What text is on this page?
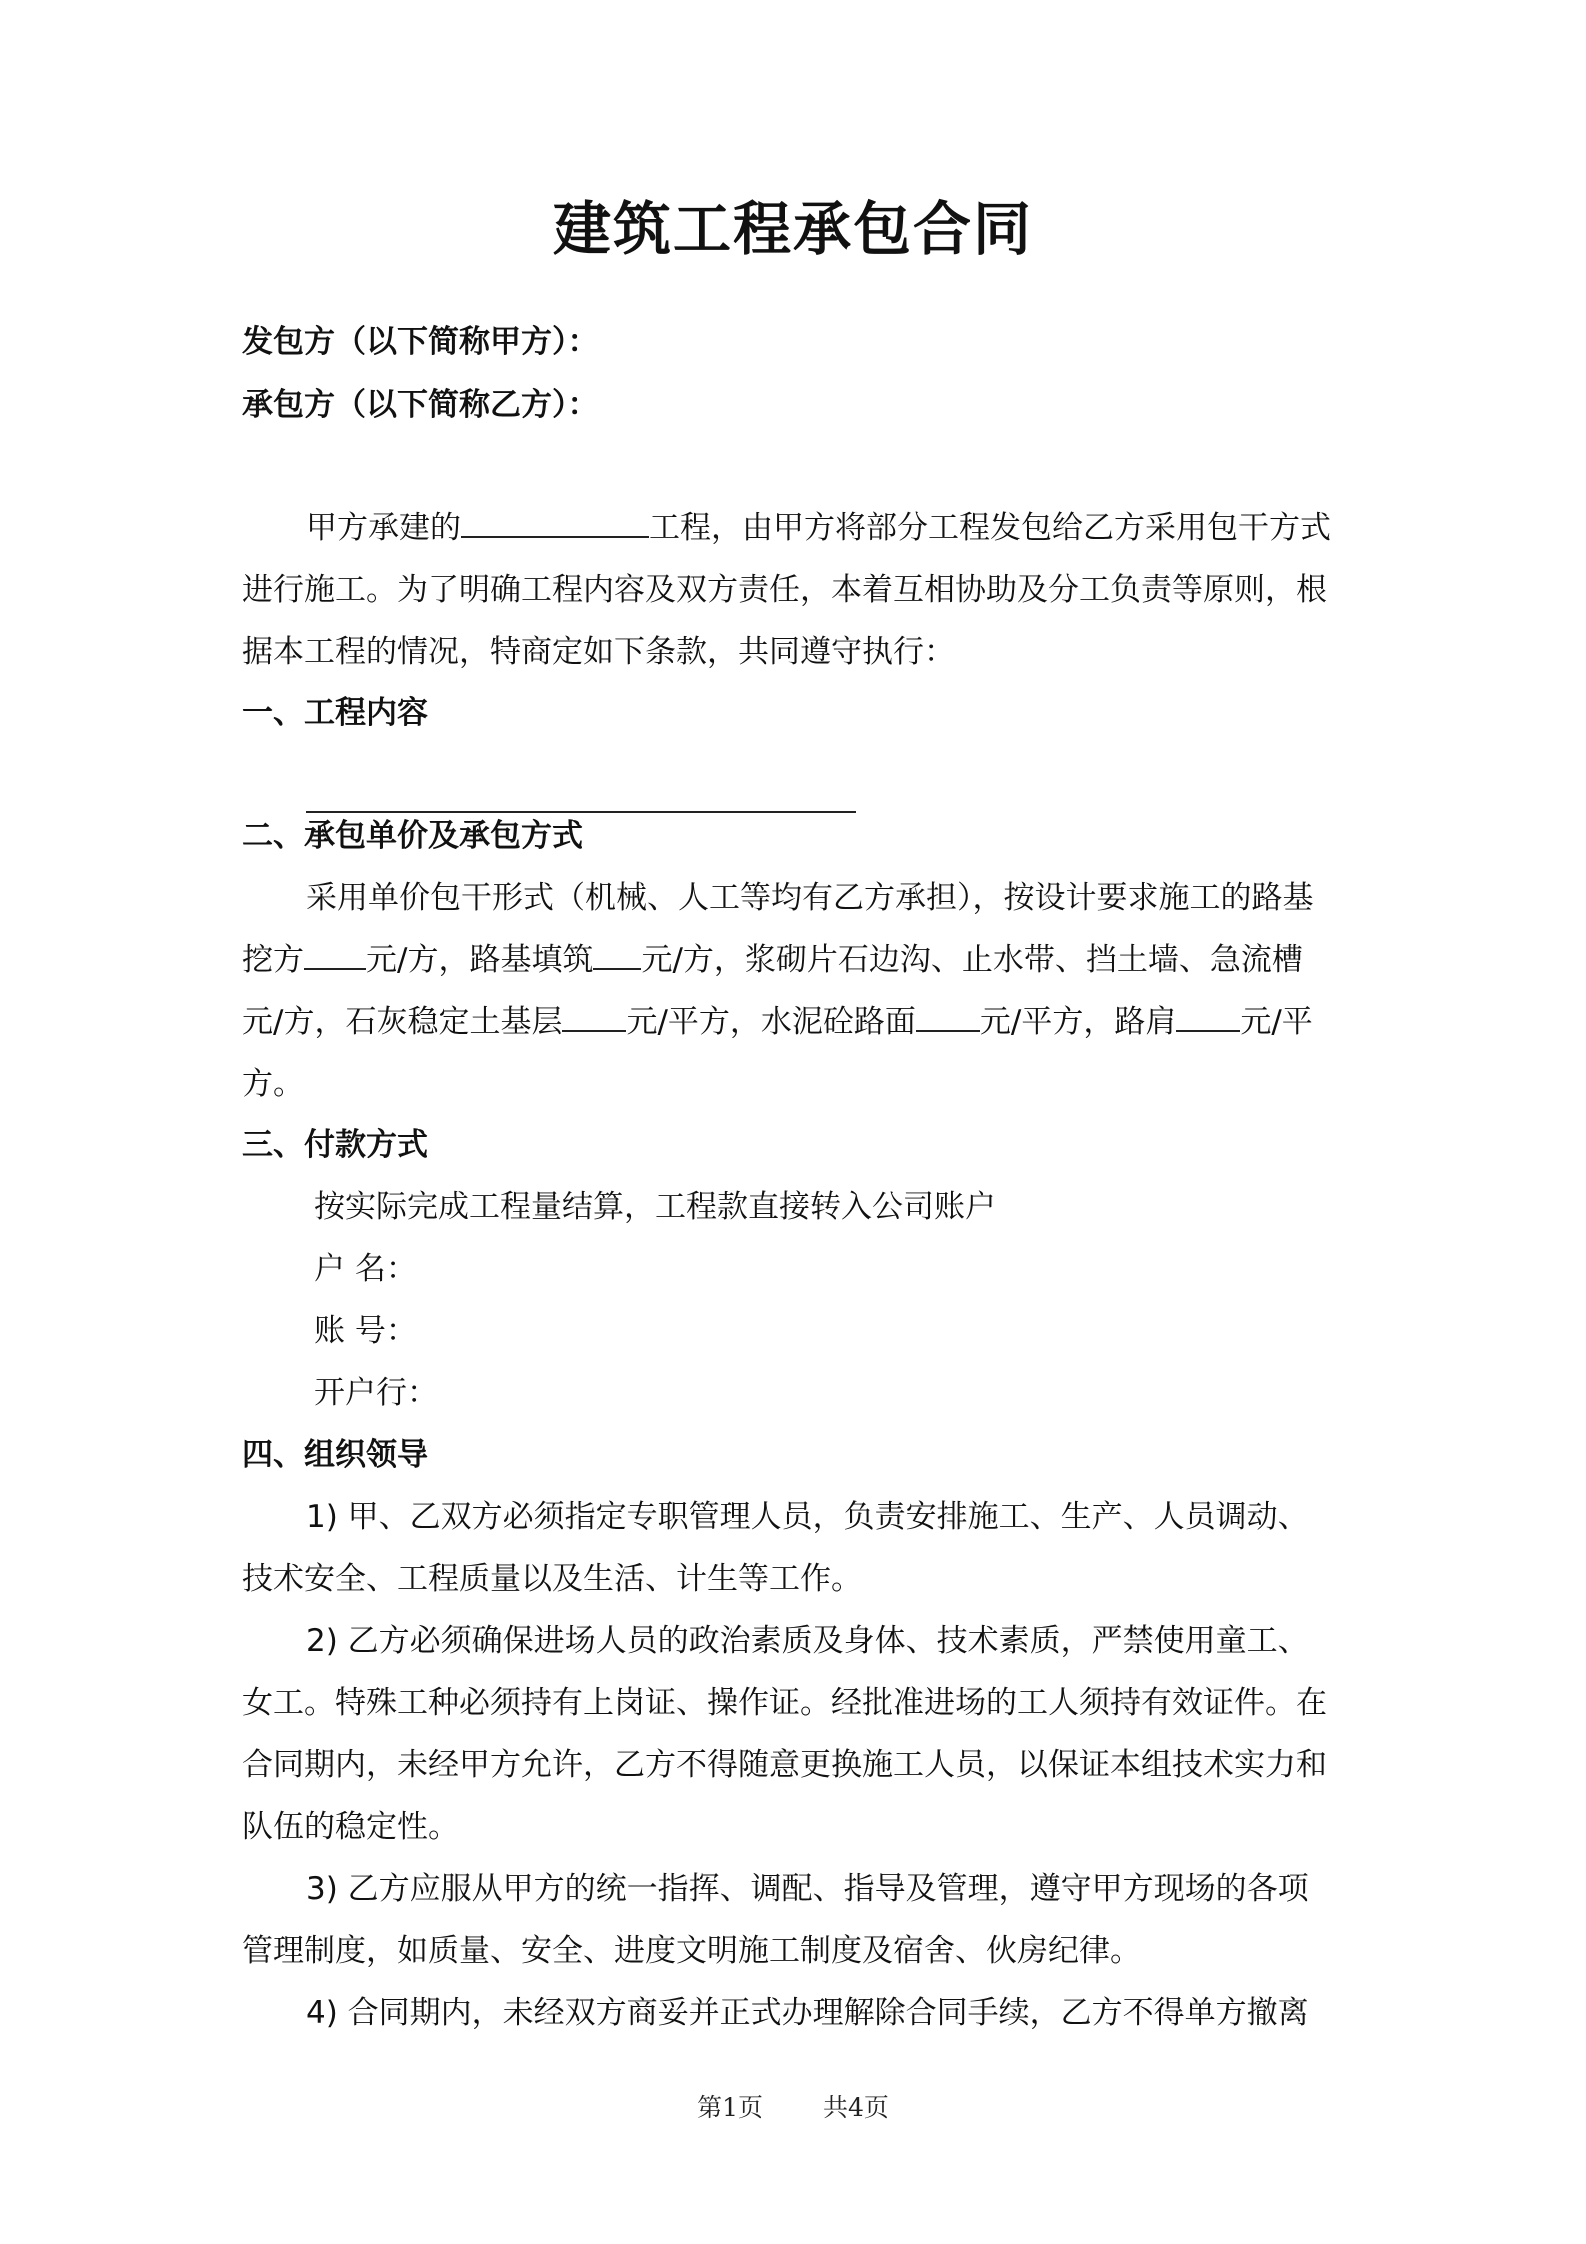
建筑工程承包合同
发包方（以下简称甲方）：
承包方（以下简称乙方）：
甲方承建的	工程，由甲方将部分工程发包给乙方采用包干方式
进行施工。为了明确工程内容及双方责任，本着互相协助及分工负责等原则，根
据本工程的情况，特商定如下条款，共同遵守执行：
一、工程内容
二、承包单价及承包方式
采用单价包干形式（机械、人工等均有乙方承担），按设计要求施工的路基
挖方 元/方，路基填筑 元/方，浆砌片石边沟、止水带、挡土墙、急流槽
元/方，石灰稳定土基层 元/平方，水泥砼路面 元/平方，路肩 元/平
方。
三、付款方式
按实际完成工程量结算，工程款直接转入公司账户
户 名：
账 号：
开户行：
四、组织领导
1) 甲、乙双方必须指定专职管理人员，负责安排施工、生产、人员调动、
技术安全、工程质量以及生活、计生等工作。
2) 乙方必须确保进场人员的政治素质及身体、技术素质，严禁使用童工、
女工。特殊工种必须持有上岗证、操作证。经批准进场的工人须持有效证件。在
合同期内，未经甲方允许，乙方不得随意更换施工人员，以保证本组技术实力和
队伍的稳定性。
3) 乙方应服从甲方的统一指挥、调配、指导及管理，遵守甲方现场的各项
管理制度，如质量、安全、进度文明施工制度及宿舍、伙房纪律。
4) 合同期内，未经双方商妥并正式办理解除合同手续，乙方不得单方撤离
第1页 共4页
